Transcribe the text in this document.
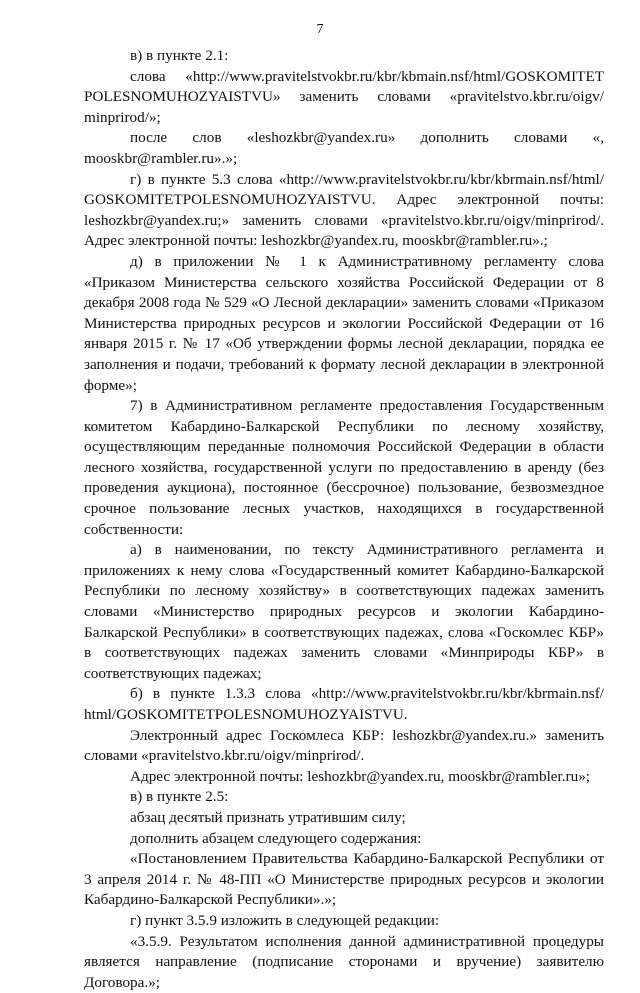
7

в) в пункте 2.1:

слова «http://www.pravitelstvokbr.ru/kbr/kbmain.nsf/html/GOSKOMITET POLESNOMUHOZYAISTVU» заменить словами «pravitelstvo.kbr.ru/oigv/ minprirod/»;

после слов «leshozkbr@yandex.ru» дополнить словами «, mooskbr@rambler.ru».»;

г) в пункте 5.3 слова «http://www.pravitelstvokbr.ru/kbr/kbrmain.nsf/html/ GOSKOMITETPOLESNOMUHOZYAISTVU. Адрес электронной почты: leshozkbr@yandex.ru;» заменить словами «pravitelstvo.kbr.ru/oigv/minprirod/. Адрес электронной почты: leshozkbr@yandex.ru, mooskbr@rambler.ru».;

д) в приложении № 1 к Административному регламенту слова «Приказом Министерства сельского хозяйства Российской Федерации от 8 декабря 2008 года № 529 «О Лесной декларации» заменить словами «Приказом Министерства природных ресурсов и экологии Российской Федерации от 16 января 2015 г. № 17 «Об утверждении формы лесной декларации, порядка ее заполнения и подачи, требований к формату лесной декларации в электронной форме»;

7) в Административном регламенте предоставления Государственным комитетом Кабардино-Балкарской Республики по лесному хозяйству, осуществляющим переданные полномочия Российской Федерации в области лесного хозяйства, государственной услуги по предоставлению в аренду (без проведения аукциона), постоянное (бессрочное) пользование, безвозмездное срочное пользование лесных участков, находящихся в государственной собственности:

а) в наименовании, по тексту Административного регламента и приложениях к нему слова «Государственный комитет Кабардино-Балкарской Республики по лесному хозяйству» в соответствующих падежах заменить словами «Министерство природных ресурсов и экологии Кабардино-Балкарской Республики» в соответствующих падежах, слова «Госкомлес КБР» в соответствующих падежах заменить словами «Минприроды КБР» в соответствующих падежах;

б) в пункте 1.3.3 слова «http://www.pravitelstvokbr.ru/kbr/kbrmain.nsf/ html/GOSKOMITETPOLESNOMUHOZYAISTVU.

Электронный адрес Госкомлеса КБР: leshozkbr@yandex.ru.» заменить словами «pravitelstvo.kbr.ru/oigv/minprirod/.

Адрес электронной почты: leshozkbr@yandex.ru, mooskbr@rambler.ru»;

в) в пункте 2.5:

абзац десятый признать утратившим силу;

дополнить абзацем следующего содержания:

«Постановлением Правительства Кабардино-Балкарской Республики от 3 апреля 2014 г. № 48-ПП «О Министерстве природных ресурсов и экологии Кабардино-Балкарской Республики».»;

г) пункт 3.5.9 изложить в следующей редакции:

«3.5.9. Результатом исполнения данной административной процедуры является направление (подписание сторонами и вручение) заявителю Договора.»;
